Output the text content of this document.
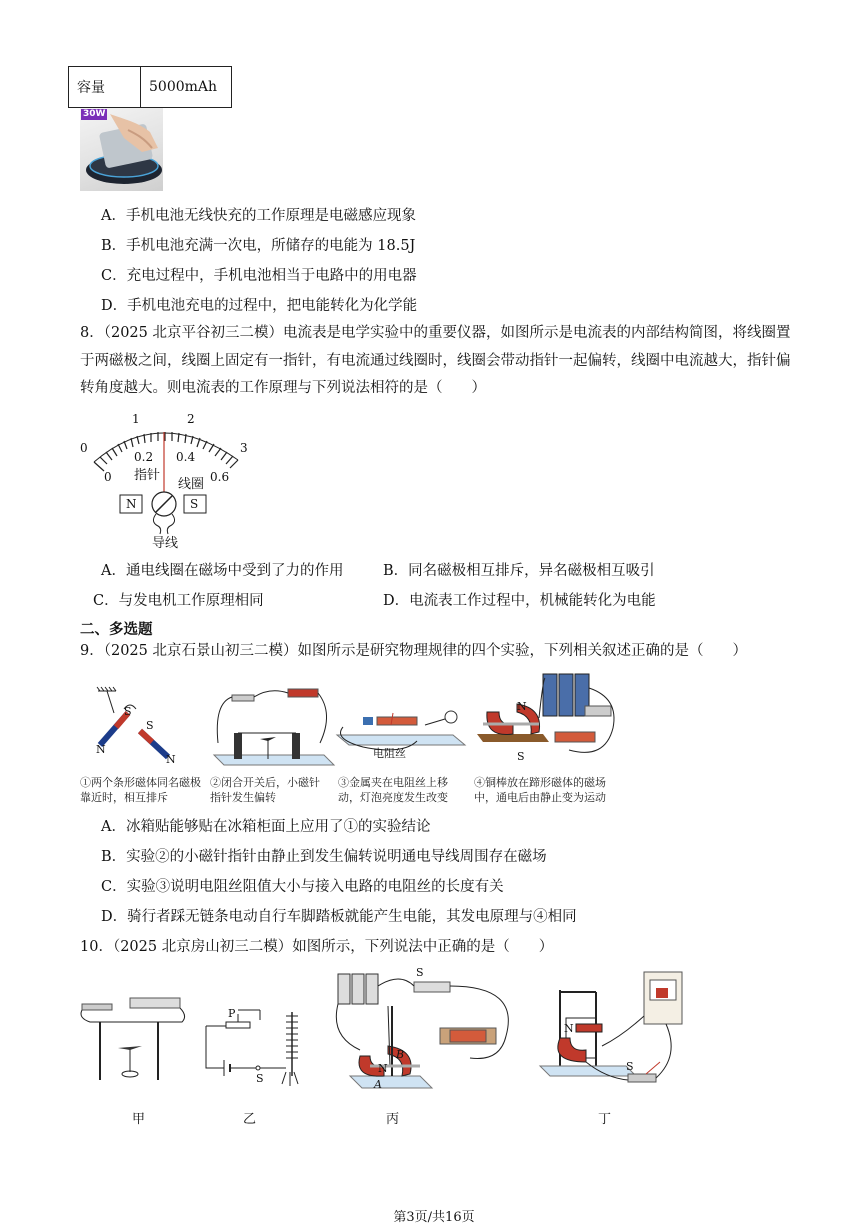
容量	5000mAh
30W
A．手机电池无线快充的工作原理是电磁感应现象
B．手机电池充满一次电，所储存的电能为 18.5J
C．充电过程中，手机电池相当于电路中的用电器
D．手机电池充电的过程中，把电能转化为化学能
8．（2025 北京平谷初三二模）电流表是电学实验中的重要仪器，如图所示是电流表的内部结构简图，将线圈置于两磁极之间，线圈上固定有一指针，有电流通过线圈时，线圈会带动指针一起偏转，线圈中电流越大，指针偏转角度越大。则电流表的工作原理与下列说法相符的是（　　）
0
1	2
3
0
0.2 0.4
0.6
指针
线圈
N	S
导线
A．通电线圈在磁场中受到了力的作用	B．同名磁极相互排斥，异名磁极相互吸引
C．与发电机工作原理相同	D．电流表工作过程中，机械能转化为电能
二、多选题
9．（2025 北京石景山初三二模）如图所示是研究物理规律的四个实验，下列相关叙述正确的是（　　）
S
N
S
N	电阻丝
N
S
①两个条形磁体同名磁极靠近时，相互排斥
②闭合开关后，小磁针指针发生偏转
③金属夹在电阻丝上移动，灯泡亮度发生改变
④铜棒放在蹄形磁体的磁场中，通电后由静止变为运动
A．冰箱贴能够贴在冰箱柜面上应用了①的实验结论
B．实验②的小磁针指针由静止到发生偏转说明通电导线周围存在磁场
C．实验③说明电阻丝阻值大小与接入电路的电阻丝的长度有关
D．骑行者踩无链条电动自行车脚踏板就能产生电能，其发电原理与④相同
10．（2025 北京房山初三二模）如图所示，下列说法中正确的是（　　）
P
S
S
B
A
N
N
S
甲	乙	丙	丁
第3页/共16页
